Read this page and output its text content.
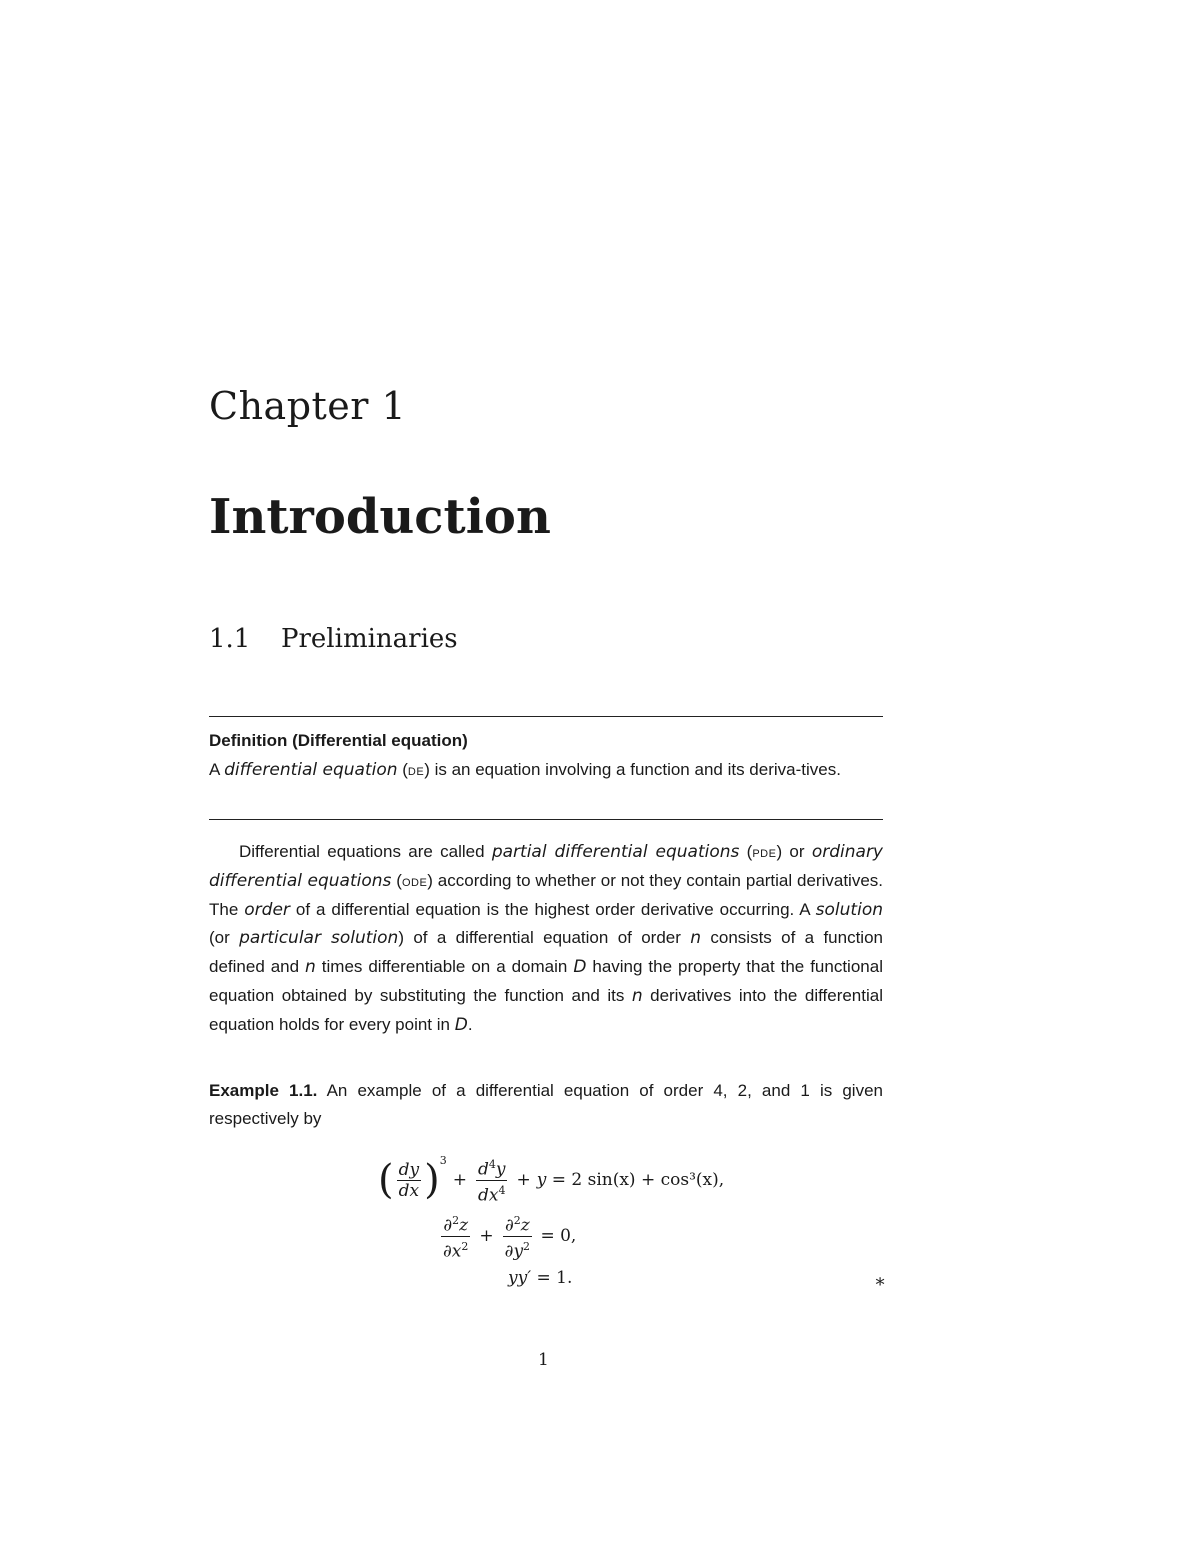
Chapter 1
Introduction
1.1 Preliminaries
Definition (Differential equation)
A differential equation (de) is an equation involving a function and its deriva-tives.
Differential equations are called partial differential equations (pde) or ordinary differential equations (ode) according to whether or not they contain partial derivatives. The order of a differential equation is the highest order derivative occurring. A solution (or particular solution) of a differential equation of order n consists of a function defined and n times differentiable on a domain D having the property that the functional equation obtained by substituting the function and its n derivatives into the differential equation holds for every point in D.
Example 1.1. An example of a differential equation of order 4, 2, and 1 is given respectively by
( $\frac{dy}{dx} )^3$
+ $\frac{d^4y}{dx^4} + y$
= 2 sin(x) + cos³(x),
$\frac{\partial^2z}{\partial x^2} + \frac{\partial^2z}{\partial y^2}$
= 0,
yy′ = 1.	∗
1
